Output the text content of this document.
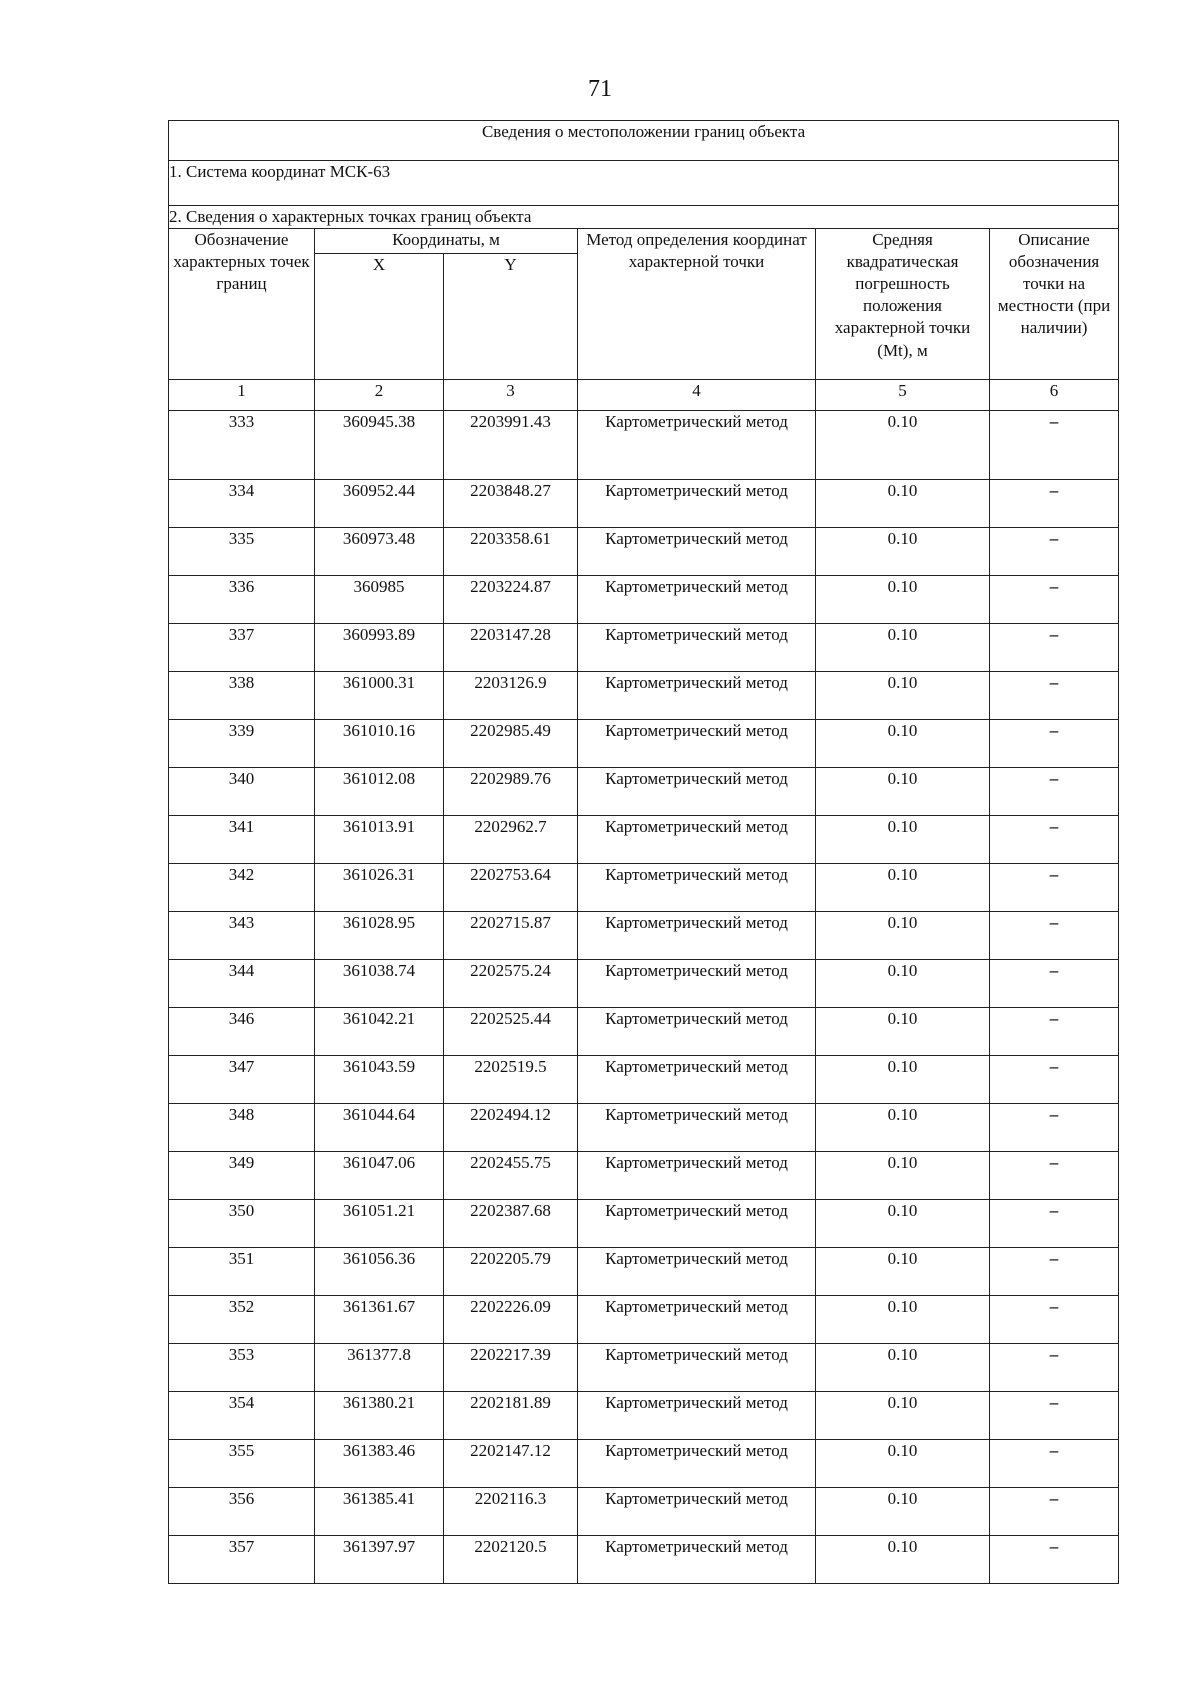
71
Сведения о местоположении границ объекта					
1. Система координат МСК-63					
2. Сведения о характерных точках границ объекта					
Обозначение характерных точек границ	Координаты, м		Метод определения координат характерной точки	Средняя квадратическая погрешность положения характерной точки (Mt), м	Описание обозначения точки на местности (при наличии)
	X	Y			
1	2	3	4	5	6
333	360945.38	2203991.43	Картометрический метод	0.10	–
334	360952.44	2203848.27	Картометрический метод	0.10	–
335	360973.48	2203358.61	Картометрический метод	0.10	–
336	360985	2203224.87	Картометрический метод	0.10	–
337	360993.89	2203147.28	Картометрический метод	0.10	–
338	361000.31	2203126.9	Картометрический метод	0.10	–
339	361010.16	2202985.49	Картометрический метод	0.10	–
340	361012.08	2202989.76	Картометрический метод	0.10	–
341	361013.91	2202962.7	Картометрический метод	0.10	–
342	361026.31	2202753.64	Картометрический метод	0.10	–
343	361028.95	2202715.87	Картометрический метод	0.10	–
344	361038.74	2202575.24	Картометрический метод	0.10	–
346	361042.21	2202525.44	Картометрический метод	0.10	–
347	361043.59	2202519.5	Картометрический метод	0.10	–
348	361044.64	2202494.12	Картометрический метод	0.10	–
349	361047.06	2202455.75	Картометрический метод	0.10	–
350	361051.21	2202387.68	Картометрический метод	0.10	–
351	361056.36	2202205.79	Картометрический метод	0.10	–
352	361361.67	2202226.09	Картометрический метод	0.10	–
353	361377.8	2202217.39	Картометрический метод	0.10	–
354	361380.21	2202181.89	Картометрический метод	0.10	–
355	361383.46	2202147.12	Картометрический метод	0.10	–
356	361385.41	2202116.3	Картометрический метод	0.10	–
357	361397.97	2202120.5	Картометрический метод	0.10	–
